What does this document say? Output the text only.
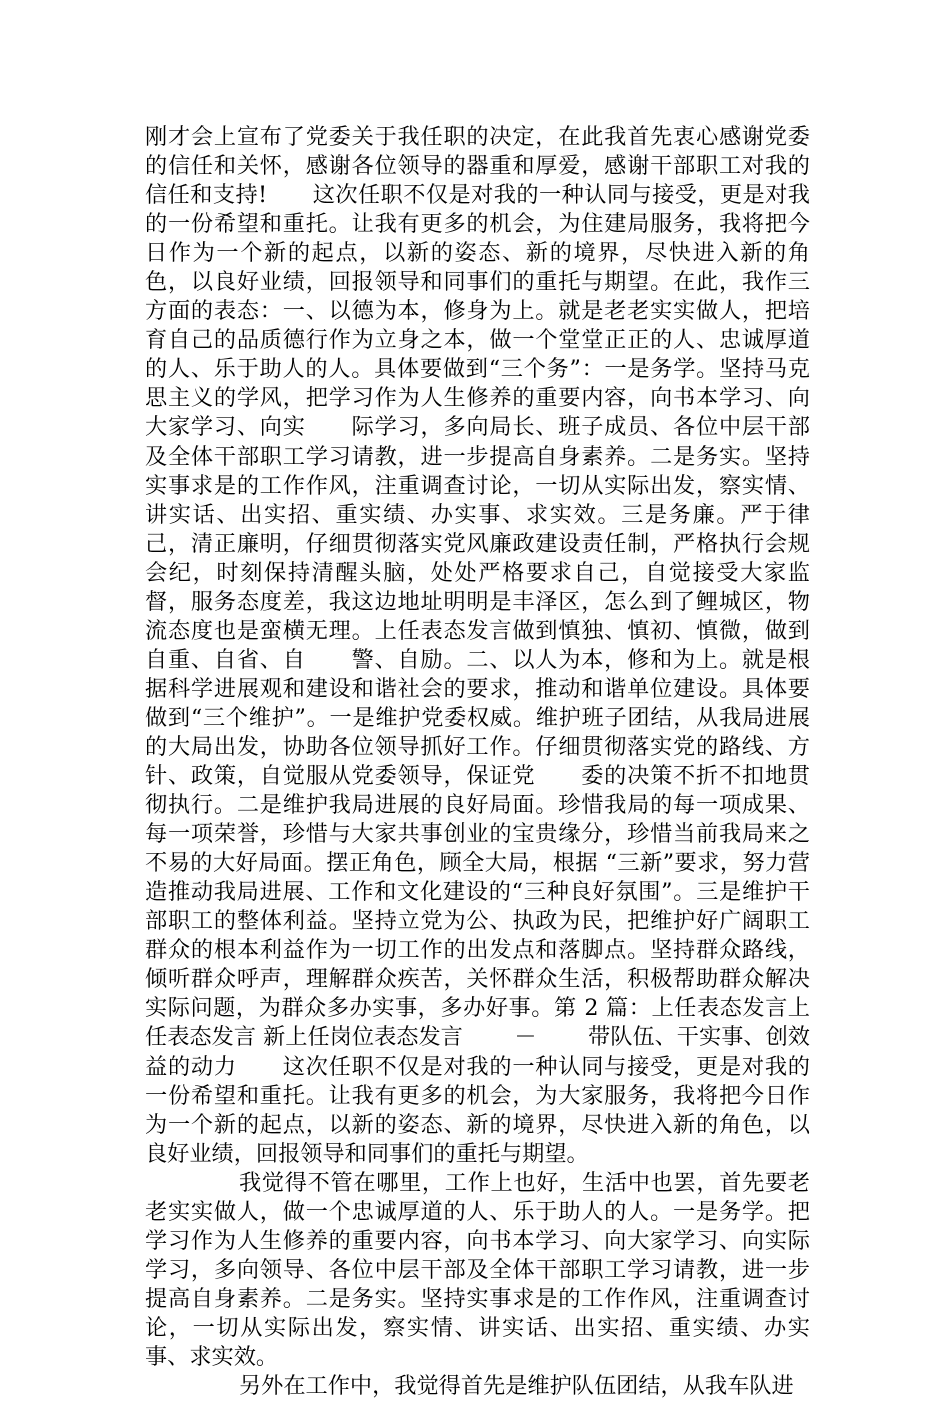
刚才会上宣布了党委关于我任职的决定，在此我首先衷心感谢党委的信任和关怀，感谢各位领导的器重和厚爱，感谢干部职工对我的信任和支持!　　这次任职不仅是对我的一种认同与接受，更是对我的一份希望和重托。让我有更多的机会，为住建局服务，我将把今日作为一个新的起点，以新的姿态、新的境界，尽快进入新的角色，以良好业绩，回报领导和同事们的重托与期望。在此，我作三方面的表态：一、以德为本，修身为上。就是老老实实做人，把培育自己的品质德行作为立身之本，做一个堂堂正正的人、忠诚厚道的人、乐于助人的人。具体要做到“三个务”：一是务学。坚持马克思主义的学风，把学习作为人生修养的重要内容，向书本学习、向大家学习、向实　　际学习，多向局长、班子成员、各位中层干部及全体干部职工学习请教，进一步提高自身素养。二是务实。坚持实事求是的工作作风，注重调查讨论，一切从实际出发，察实情、讲实话、出实招、重实绩、办实事、求实效。三是务廉。严于律己，清正廉明，仔细贯彻落实党风廉政建设责任制，严格执行会规会纪，时刻保持清醒头脑，处处严格要求自己，自觉接受大家监督，服务态度差，我这边地址明明是丰泽区，怎么到了鲤城区，物流态度也是蛮横无理。上任表态发言做到慎独、慎初、慎微，做到自重、自省、自　　警、自励。二、以人为本，修和为上。就是根据科学进展观和建设和谐社会的要求，推动和谐单位建设。具体要做到“三个维护”。一是维护党委权威。维护班子团结，从我局进展的大局出发，协助各位领导抓好工作。仔细贯彻落实党的路线、方针、政策，自觉服从党委领导，保证党　　委的决策不折不扣地贯彻执行。二是维护我局进展的良好局面。珍惜我局的每一项成果、每一项荣誉，珍惜与大家共事创业的宝贵缘分，珍惜当前我局来之不易的大好局面。摆正角色，顾全大局，根据 “三新”要求，努力营造推动我局进展、工作和文化建设的“三种良好氛围”。三是维护干部职工的整体利益。坚持立党为公、执政为民，把维护好广阔职工群众的根本利益作为一切工作的出发点和落脚点。坚持群众路线，倾听群众呼声，理解群众疾苦，关怀群众生活，积极帮助群众解决实际问题，为群众多办实事，多办好事。第 2 篇：上任表态发言上任表态发言 新上任岗位表态发言　　 －　　 带队伍、干实事、创效益的动力　　这次任职不仅是对我的一种认同与接受，更是对我的一份希望和重托。让我有更多的机会，为大家服务，我将把今日作为一个新的起点，以新的姿态、新的境界，尽快进入新的角色，以良好业绩，回报领导和同事们的重托与期望。

我觉得不管在哪里，工作上也好，生活中也罢，首先要老老实实做人，做一个忠诚厚道的人、乐于助人的人。一是务学。把学习作为人生修养的重要内容，向书本学习、向大家学习、向实际学习，多向领导、各位中层干部及全体干部职工学习请教，进一步提高自身素养。二是务实。坚持实事求是的工作作风，注重调查讨论，一切从实际出发，察实情、讲实话、出实招、重实绩、办实事、求实效。

另外在工作中，我觉得首先是维护队伍团结，从我车队进
